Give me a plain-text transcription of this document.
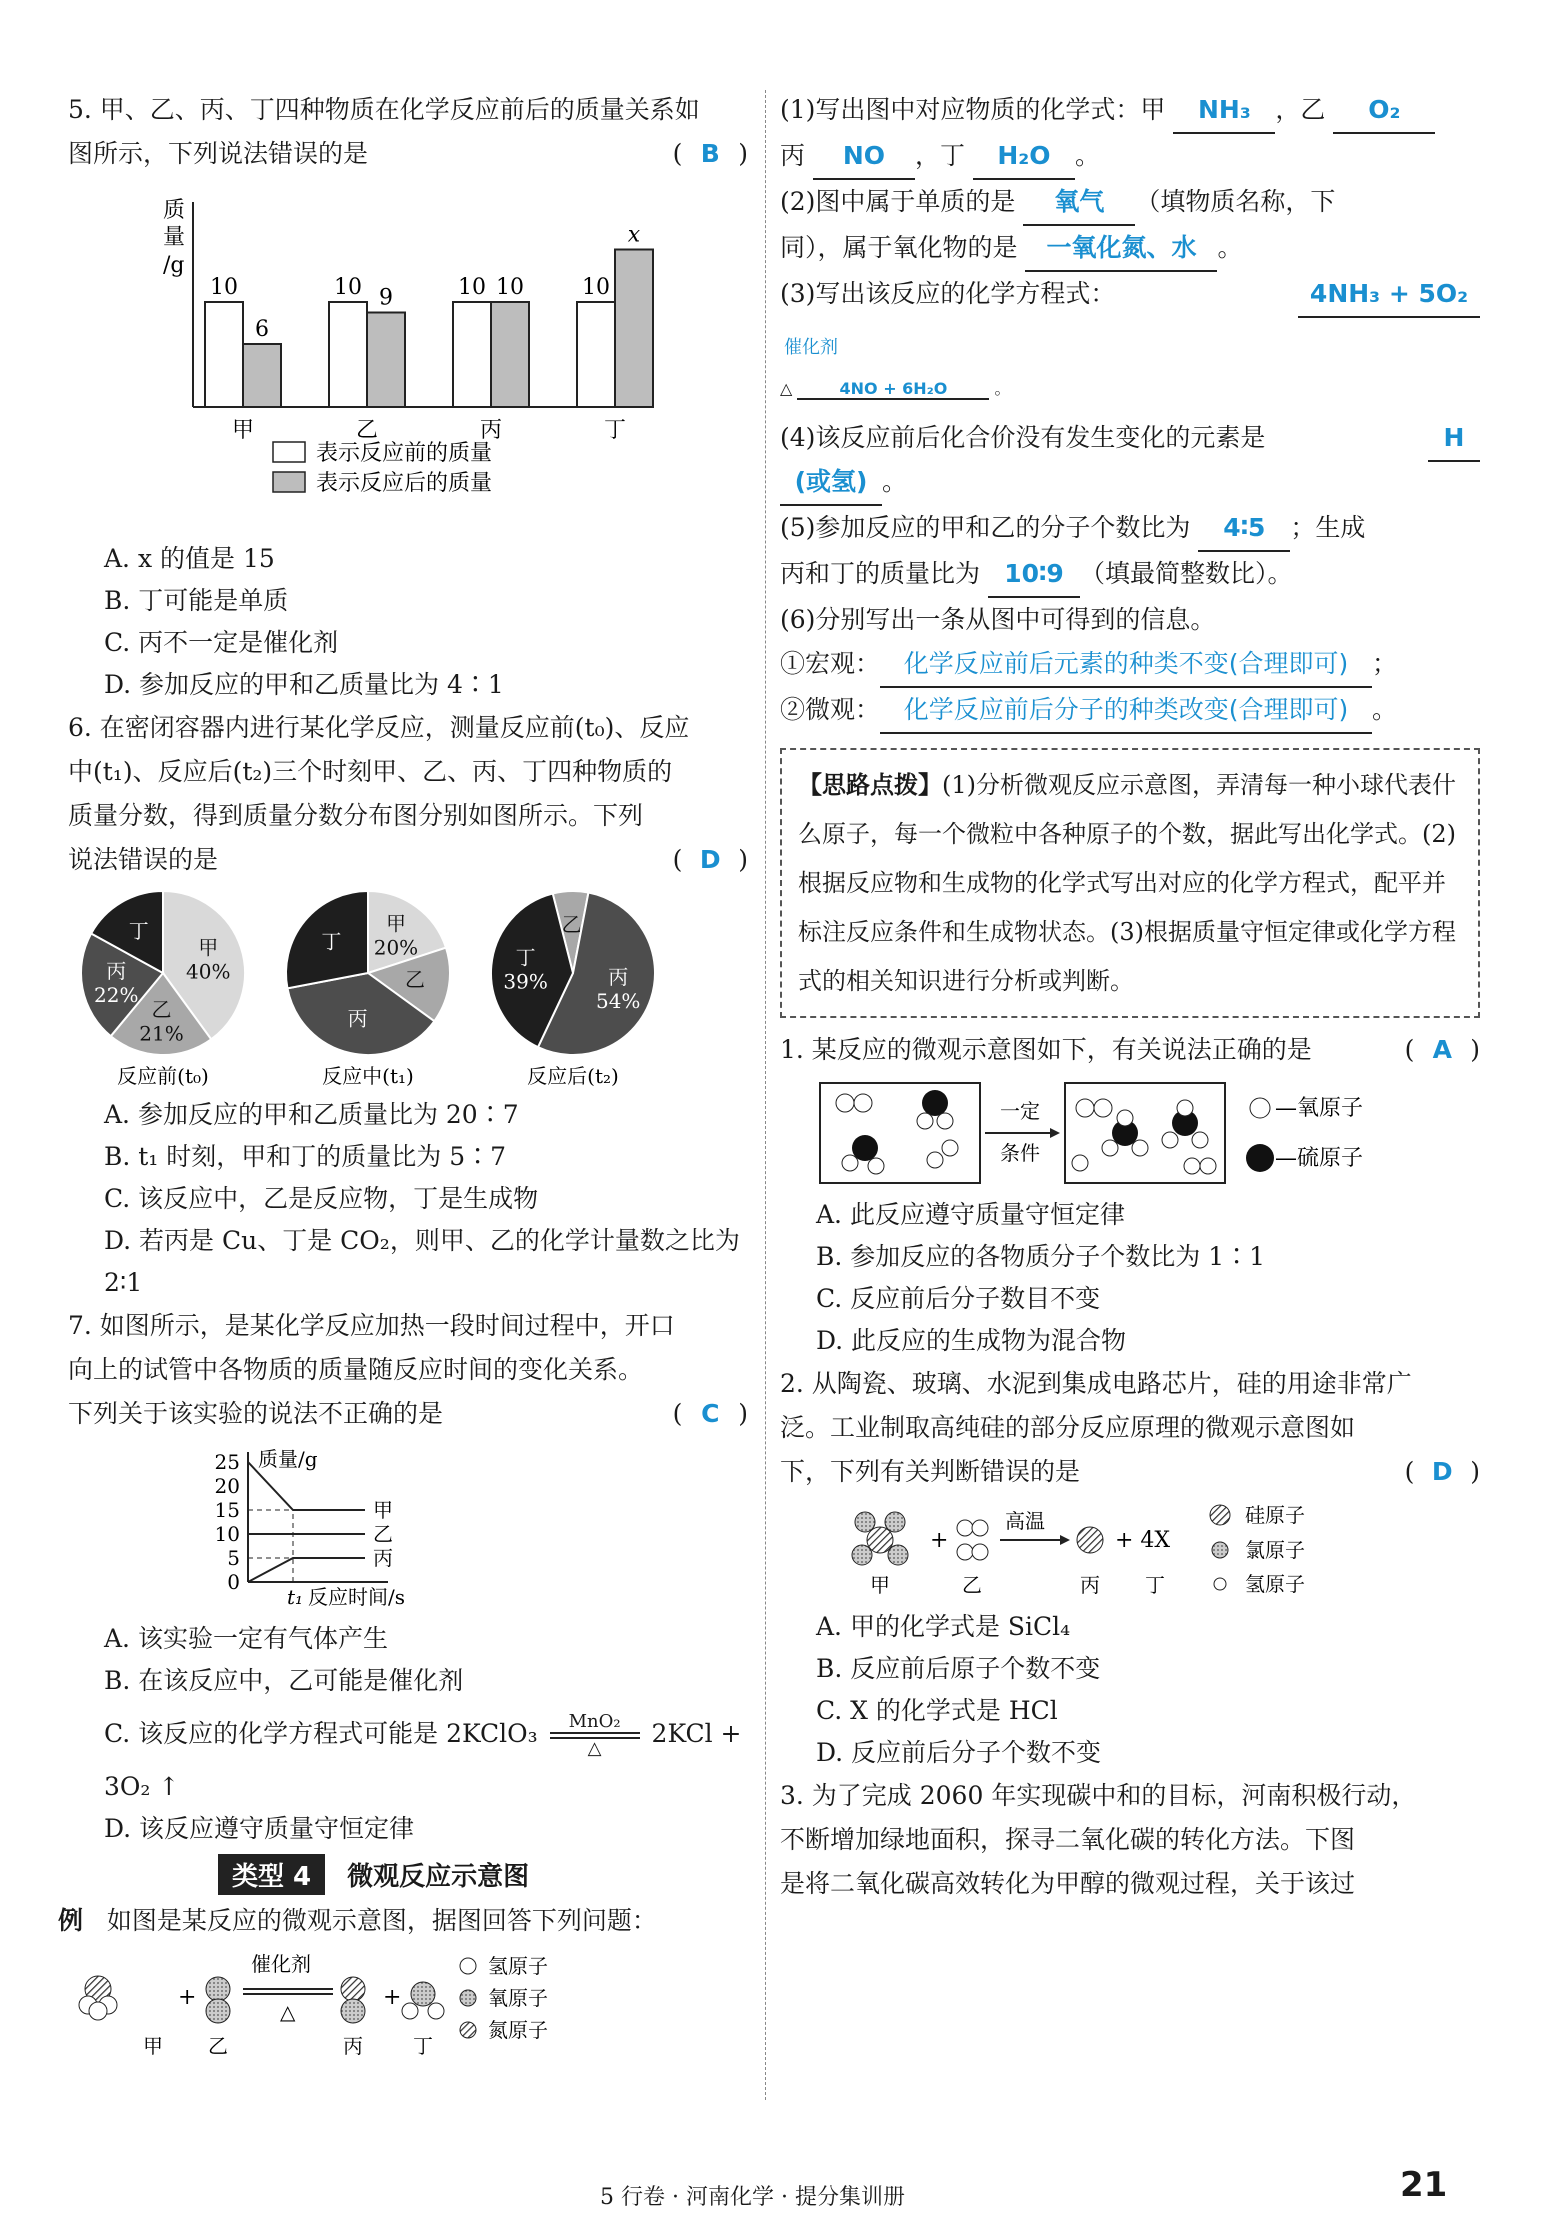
5. 甲、乙、丙、丁四种物质在化学反应前后的质量关系如

图所示，下列说法错误的是	( B )

质
量
/g
10
6
甲
10 9
乙
10 10
丙
10
x
丁
表示反应前的质量
表示反应后的质量
A. x 的值是 15
B. 丁可能是单质
C. 丙不一定是催化剂
D. 参加反应的甲和乙质量比为 4∶1

6. 在密闭容器内进行某化学反应，测量反应前(t₀)、反应

中(t₁)、反应后(t₂)三个时刻甲、乙、丙、丁四种物质的

质量分数，得到质量分数分布图分别如图所示。下列

说法错误的是	( D )

甲
40%
乙
21%
丙
22%
丁
反应前(t₀)
甲
20%
乙
丙
丁
反应中(t₁)
乙
丙
54%
丁
39%
反应后(t₂)
A. 参加反应的甲和乙质量比为 20∶7
B. t₁ 时刻，甲和丁的质量比为 5∶7
C. 该反应中，乙是反应物，丁是生成物
D. 若丙是 Cu、丁是 CO₂，则甲、乙的化学计量数之比为
2∶1

7. 如图所示，是某化学反应加热一段时间过程中，开口

向上的试管中各物质的质量随反应时间的变化关系。

下列关于该实验的说法不正确的是	( C )

质量/g
反应时间/s
0
5
10
15
20
25
t₁
甲
乙
丙
A. 该实验一定有气体产生
B. 在该反应中，乙可能是催化剂
C. 该反应的化学方程式可能是 2KClO₃ MnO₂
△ 2KCl +
3O₂ ↑
D. 该反应遵守质量守恒定律
类型 4	微观反应示意图

例 如图是某反应的微观示意图，据图回答下列问题：

+
催化剂
△
+
甲 乙	丙	丁
氢原子
氧原子
氮原子

(1)写出图中对应物质的化学式：甲 NH₃ ，乙 O₂

丙 NO ，丁 H₂O 。

(2)图中属于单质的是 氧气 （填物质名称，下

同），属于氧化物的是 一氧化氮、水 。

(3)写出该反应的化学方程式：	4NH₃ + 5O₂

催化剂

△	4NO + 6H₂O	。

(4)该反应前后化合价没有发生变化的元素是	H

(或氢) 。

(5)参加反应的甲和乙的分子个数比为 4∶5 ；生成

丙和丁的质量比为 10∶9 （填最简整数比）。

(6)分别写出一条从图中可得到的信息。

①宏观： 化学反应前后元素的种类不变(合理即可) ；

②微观： 化学反应前后分子的种类改变(合理即可) 。

【思路点拨】(1)分析微观反应示意图，弄清每一种小球代表什么原子，每一个微粒中各种原子的个数，据此写出化学式。(2)根据反应物和生成物的化学式写出对应的化学方程式，配平并标注反应条件和生成物状态。(3)根据质量守恒定律或化学方程式的相关知识进行分析或判断。

1. 某反应的微观示意图如下，有关说法正确的是	( A )

一定
条件
—氧原子
—硫原子
A. 此反应遵守质量守恒定律
B. 参加反应的各物质分子个数比为 1∶1
C. 反应前后分子数目不变
D. 此反应的生成物为混合物

2. 从陶瓷、玻璃、水泥到集成电路芯片，硅的用途非常广

泛。工业制取高纯硅的部分反应原理的微观示意图如

下，下列有关判断错误的是	( D )

+
高温
+ 4X
甲	乙	丙 丁
硅原子
氯原子
氢原子
A. 甲的化学式是 SiCl₄
B. 反应前后原子个数不变
C. X 的化学式是 HCl
D. 反应前后分子个数不变

3. 为了完成 2060 年实现碳中和的目标，河南积极行动，

不断增加绿地面积，探寻二氧化碳的转化方法。下图

是将二氧化碳高效转化为甲醇的微观过程，关于该过

5 行卷 · 河南化学 · 提分集训册	21
